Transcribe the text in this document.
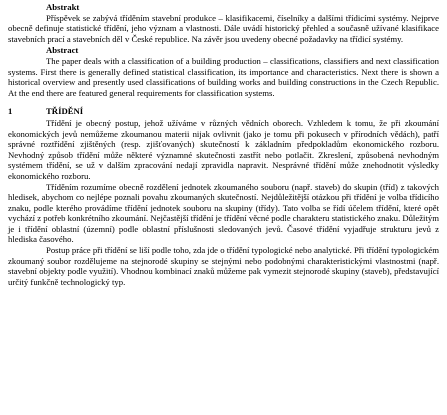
Abstrakt

Příspěvek se zabývá tříděním stavební produkce – klasifikacemi, číselníky a dalšími třídicími systémy. Nejprve obecně definuje statistické třídění, jeho význam a vlastnosti. Dále uvádí historický přehled a současně užívané klasifikace stavebních prací a stavebních děl v České republice. Na závěr jsou uvedeny obecné požadavky na třídicí systémy.

Abstract

The paper deals with a classification of a building production – classifications, classifiers and next classification systems. First there is generally defined statistical classification, its importance and characteristics. Next there is shown a historical overview and presently used classifications of building works and building constructions in the Czech Republic. At the end there are featured general requirements for classification systems.

1	TŘÍDĚNÍ

Třídění je obecný postup, jehož užíváme v různých vědních oborech. Vzhledem k tomu, že při zkoumání ekonomických jevů nemůžeme zkoumanou materii nijak ovlivnit (jako je tomu při pokusech v přírodních vědách), patří správné roztřídění zjištěných (resp. zjišťovaných) skutečností k základním předpokladům ekonomického rozboru. Nevhodný způsob třídění může některé významné skutečnosti zastřít nebo potlačit. Zkreslení, způsobená nevhodným systémem třídění, se už v dalším zpracování nedají zpravidla napravit. Nesprávné třídění může znehodnotit výsledky ekonomického rozboru.

Tříděním rozumíme obecně rozdělení jednotek zkoumaného souboru (např. staveb) do skupin (tříd) z takových hledisek, abychom co nejlépe poznali povahu zkoumaných skutečností. Nejdůležitější otázkou při třídění je volba třídicího znaku, podle kterého provádíme třídění jednotek souboru na skupiny (třídy). Tato volba se řídí účelem třídění, které opět vychází z potřeb konkrétního zkoumání. Nejčastější třídění je třídění věcné podle charakteru statistického znaku. Důležitým je i třídění oblastní (územní) podle oblastní příslušnosti sledovaných jevů. Časové třídění vyjadřuje strukturu jevů z hlediska časového.

Postup práce při třídění se liší podle toho, zda jde o třídění typologické nebo analytické. Při třídění typologickém zkoumaný soubor rozdělujeme na stejnorodé skupiny se stejnými nebo podobnými charakteristickými vlastnostmi (např. stavební objekty podle využití). Vhodnou kombinací znaků můžeme pak vymezit stejnorodé skupiny (staveb), představující určitý funkčně technologický typ.
